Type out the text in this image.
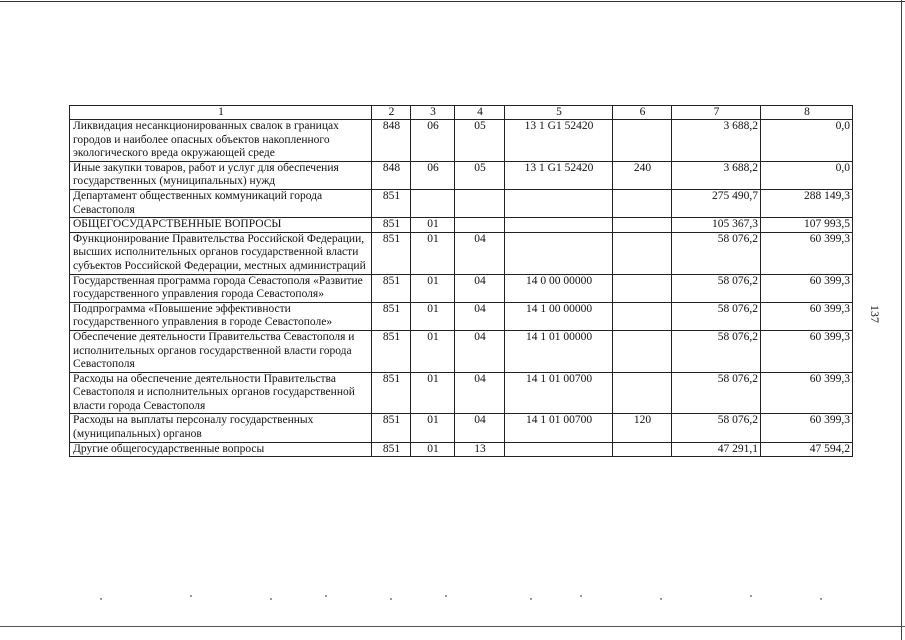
137
1	2	3	4	5	6	7	8
Ликвидация несанкционированных свалок в границах городов и наиболее опасных объектов накопленного экологического вреда окружающей среде	848	06	05	13 1 G1 52420		3 688,2	0,0
Иные закупки товаров, работ и услуг для обеспечения государственных (муниципальных) нужд	848	06	05	13 1 G1 52420	240	3 688,2	0,0
Департамент общественных коммуникаций города Севастополя	851					275 490,7	288 149,3
ОБЩЕГОСУДАРСТВЕННЫЕ ВОПРОСЫ	851	01				105 367,3	107 993,5
Функционирование Правительства Российской Федерации, высших исполнительных органов государственной власти субъектов Российской Федерации, местных администраций	851	01	04			58 076,2	60 399,3
Государственная программа города Севастополя «Развитие государственного управления города Севастополя»	851	01	04	14 0 00 00000		58 076,2	60 399,3
Подпрограмма «Повышение эффективности государственного управления в городе Севастополе»	851	01	04	14 1 00 00000		58 076,2	60 399,3
Обеспечение деятельности Правительства Севастополя и исполнительных органов государственной власти города Севастополя	851	01	04	14 1 01 00000		58 076,2	60 399,3
Расходы на обеспечение деятельности Правительства Севастополя и исполнительных органов государственной власти города Севастополя	851	01	04	14 1 01 00700		58 076,2	60 399,3
Расходы на выплаты персоналу государственных (муниципальных) органов	851	01	04	14 1 01 00700	120	58 076,2	60 399,3
Другие общегосударственные вопросы	851	01	13			47 291,1	47 594,2
